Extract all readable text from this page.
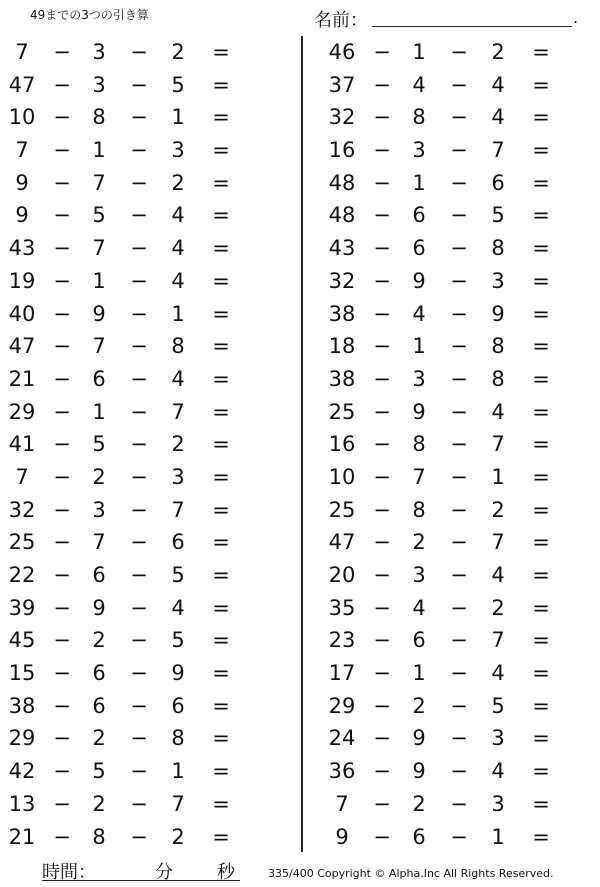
49までの3つの引き算	名前：	.
7	−	3	−	2	=
47 −	3	−	5	=
10 −	8	−	1	=
7	−	1	−	3	=
9	−	7	−	2	=
9	−	5	−	4	=
43 −	7	−	4	=
19 −	1	−	4	=
40 −	9	−	1	=
47 −	7	−	8	=
21 −	6	−	4	=
29 −	1	−	7	=
41 −	5	−	2	=
7	−	2	−	3	=
32 −	3	−	7	=
25 −	7	−	6	=
22 −	6	−	5	=
39 −	9	−	4	=
45 −	2	−	5	=
15 −	6	−	9	=
38 −	6	−	6	=
29 −	2	−	8	=
42 −	5	−	1	=
13 −	2	−	7	=
21 −	8	−	2	=
46 −	1	−	2	=
37 −	4	−	4	=
32 −	8	−	4	=
16 −	3	−	7	=
48 −	1	−	6	=
48 −	6	−	5	=
43 −	6	−	8	=
32 −	9	−	3	=
38 −	4	−	9	=
18 −	1	−	8	=
38 −	3	−	8	=
25 −	9	−	4	=
16 −	8	−	7	=
10 −	7	−	1	=
25 −	8	−	2	=
47 −	2	−	7	=
20 −	3	−	4	=
35 −	4	−	2	=
23 −	6	−	7	=
17 −	1	−	4	=
29 −	2	−	5	=
24 −	9	−	3	=
36 −	9	−	4	=
7	−	2	−	3	=
9	−	6	−	1	=
時間：	分 秒	335/400 Copyright © Alpha.Inc All Rights Reserved.
